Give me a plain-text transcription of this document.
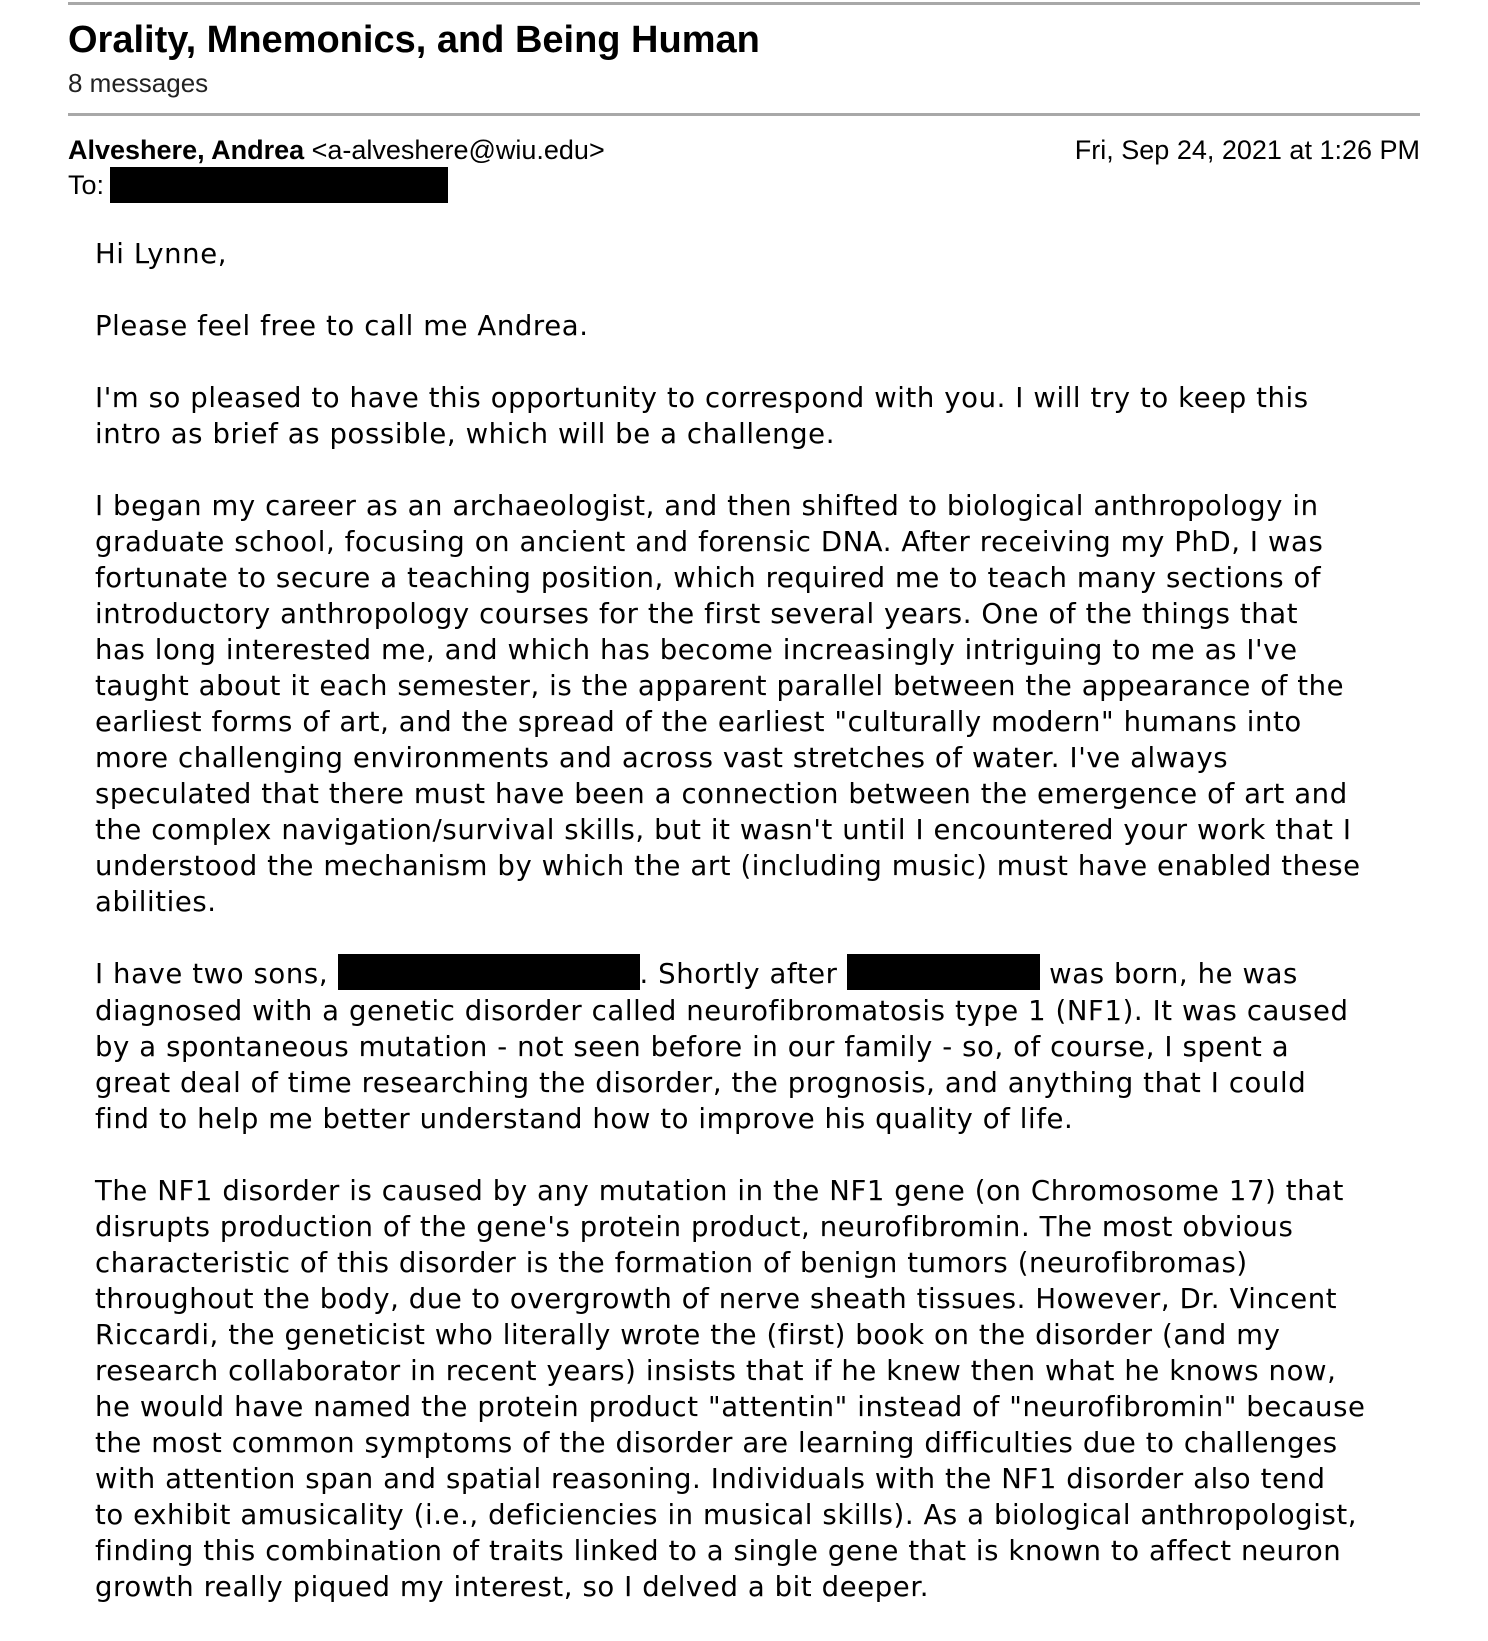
Orality, Mnemonics, and Being Human
8 messages
Alveshere, Andrea <a-alveshere@wiu.edu>	Fri, Sep 24, 2021 at 1:26 PM
To:

Hi Lynne,

Please feel free to call me Andrea.

I'm so pleased to have this opportunity to correspond with you. I will try to keep this
intro as brief as possible, which will be a challenge.

I began my career as an archaeologist, and then shifted to biological anthropology in
graduate school, focusing on ancient and forensic DNA. After receiving my PhD, I was
fortunate to secure a teaching position, which required me to teach many sections of
introductory anthropology courses for the first several years. One of the things that
has long interested me, and which has become increasingly intriguing to me as I've
taught about it each semester, is the apparent parallel between the appearance of the
earliest forms of art, and the spread of the earliest "culturally modern" humans into
more challenging environments and across vast stretches of water. I've always
speculated that there must have been a connection between the emergence of art and
the complex navigation/survival skills, but it wasn't until I encountered your work that I
understood the mechanism by which the art (including music) must have enabled these
abilities.

I have two sons,	. Shortly after	was born, he was
diagnosed with a genetic disorder called neurofibromatosis type 1 (NF1). It was caused
by a spontaneous mutation - not seen before in our family - so, of course, I spent a
great deal of time researching the disorder, the prognosis, and anything that I could
find to help me better understand how to improve his quality of life.

The NF1 disorder is caused by any mutation in the NF1 gene (on Chromosome 17) that
disrupts production of the gene's protein product, neurofibromin. The most obvious
characteristic of this disorder is the formation of benign tumors (neurofibromas)
throughout the body, due to overgrowth of nerve sheath tissues. However, Dr. Vincent
Riccardi, the geneticist who literally wrote the (first) book on the disorder (and my
research collaborator in recent years) insists that if he knew then what he knows now,
he would have named the protein product "attentin" instead of "neurofibromin" because
the most common symptoms of the disorder are learning difficulties due to challenges
with attention span and spatial reasoning. Individuals with the NF1 disorder also tend
to exhibit amusicality (i.e., deficiencies in musical skills). As a biological anthropologist,
finding this combination of traits linked to a single gene that is known to affect neuron
growth really piqued my interest, so I delved a bit deeper.
